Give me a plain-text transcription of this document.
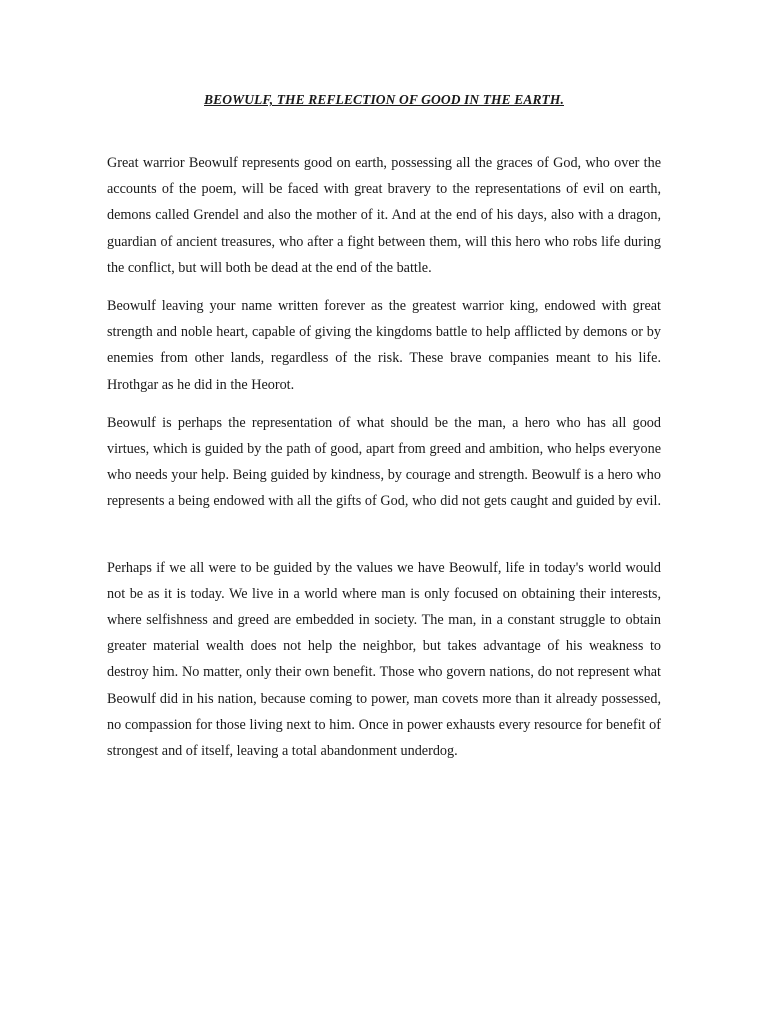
BEOWULF, THE REFLECTION OF GOOD IN THE EARTH.

Great warrior Beowulf represents good on earth, possessing all the graces of God, who over the accounts of the poem, will be faced with great bravery to the representations of evil on earth, demons called Grendel and also the mother of it. And at the end of his days, also with a dragon, guardian of ancient treasures, who after a fight between them, will this hero who robs life during the conflict, but will both be dead at the end of the battle.

Beowulf leaving your name written forever as the greatest warrior king, endowed with great strength and noble heart, capable of giving the kingdoms battle to help afflicted by demons or by enemies from other lands, regardless of the risk. These brave companies meant to his life. Hrothgar as he did in the Heorot.

Beowulf is perhaps the representation of what should be the man, a hero who has all good virtues, which is guided by the path of good, apart from greed and ambition, who helps everyone who needs your help. Being guided by kindness, by courage and strength. Beowulf is a hero who represents a being endowed with all the gifts of God, who did not gets caught and guided by evil.

Perhaps if we all were to be guided by the values we have Beowulf, life in today's world would not be as it is today. We live in a world where man is only focused on obtaining their interests, where selfishness and greed are embedded in society. The man, in a constant struggle to obtain greater material wealth does not help the neighbor, but takes advantage of his weakness to destroy him. No matter, only their own benefit. Those who govern nations, do not represent what Beowulf did in his nation, because coming to power, man covets more than it already possessed, no compassion for those living next to him. Once in power exhausts every resource for benefit of strongest and of itself, leaving a total abandonment underdog.
